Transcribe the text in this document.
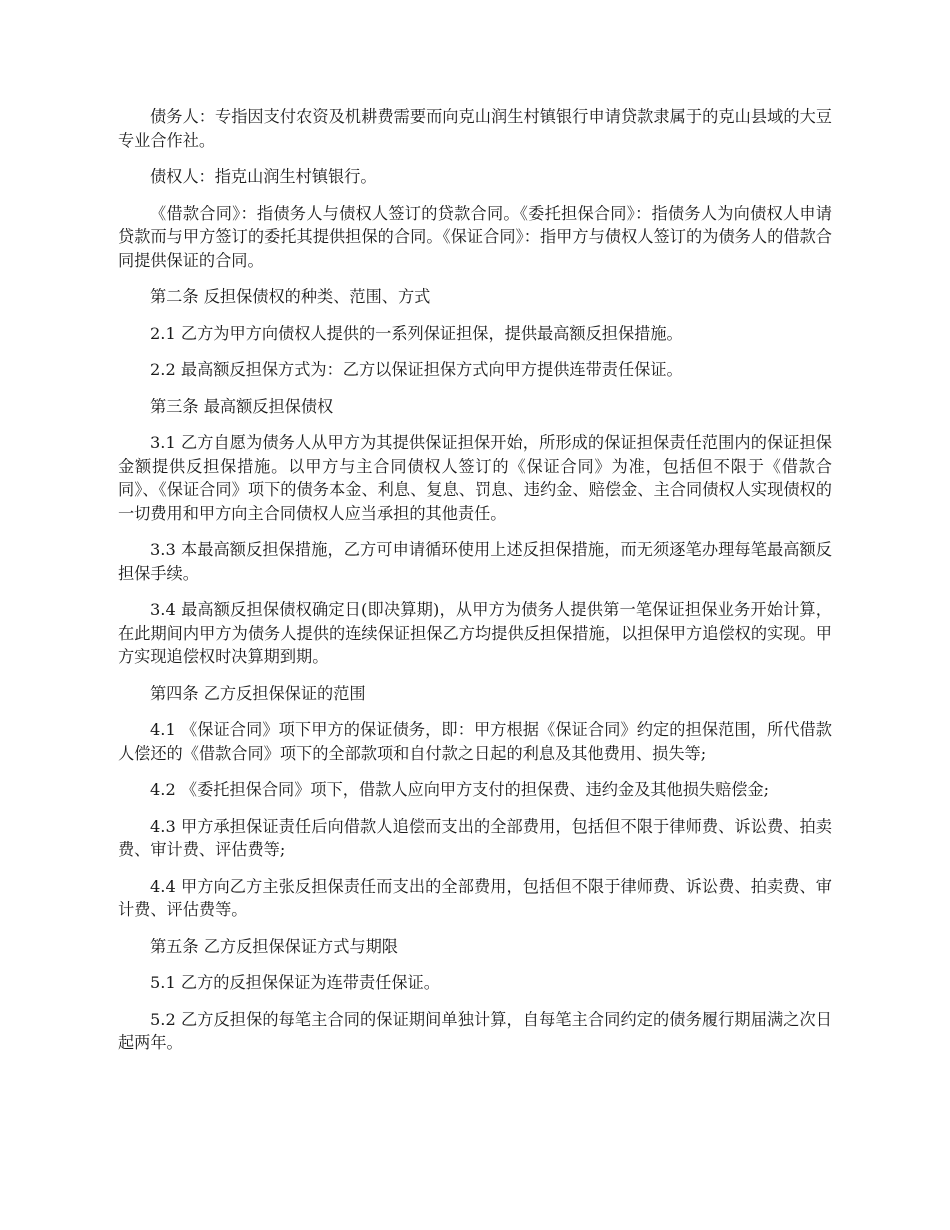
债务人：专指因支付农资及机耕费需要而向克山润生村镇银行申请贷款隶属于的克山县域的大豆专业合作社。

债权人：指克山润生村镇银行。

《借款合同》：指债务人与债权人签订的贷款合同。《委托担保合同》：指债务人为向债权人申请贷款而与甲方签订的委托其提供担保的合同。《保证合同》：指甲方与债权人签订的为债务人的借款合同提供保证的合同。

第二条 反担保债权的种类、范围、方式

2.1 乙方为甲方向债权人提供的一系列保证担保，提供最高额反担保措施。

2.2 最高额反担保方式为：乙方以保证担保方式向甲方提供连带责任保证。

第三条 最高额反担保债权

3.1 乙方自愿为债务人从甲方为其提供保证担保开始，所形成的保证担保责任范围内的保证担保金额提供反担保措施。以甲方与主合同债权人签订的《保证合同》为准，包括但不限于《借款合同》、《保证合同》项下的债务本金、利息、复息、罚息、违约金、赔偿金、主合同债权人实现债权的一切费用和甲方向主合同债权人应当承担的其他责任。

3.3 本最高额反担保措施，乙方可申请循环使用上述反担保措施，而无须逐笔办理每笔最高额反担保手续。

3.4 最高额反担保债权确定日(即决算期)，从甲方为债务人提供第一笔保证担保业务开始计算，在此期间内甲方为债务人提供的连续保证担保乙方均提供反担保措施，以担保甲方追偿权的实现。甲方实现追偿权时决算期到期。

第四条 乙方反担保保证的范围

4.1 《保证合同》项下甲方的保证债务，即：甲方根据《保证合同》约定的担保范围，所代借款人偿还的《借款合同》项下的全部款项和自付款之日起的利息及其他费用、损失等;

4.2 《委托担保合同》项下，借款人应向甲方支付的担保费、违约金及其他损失赔偿金;

4.3 甲方承担保证责任后向借款人追偿而支出的全部费用，包括但不限于律师费、诉讼费、拍卖费、审计费、评估费等;

4.4 甲方向乙方主张反担保责任而支出的全部费用，包括但不限于律师费、诉讼费、拍卖费、审计费、评估费等。

第五条 乙方反担保保证方式与期限

5.1 乙方的反担保保证为连带责任保证。

5.2 乙方反担保的每笔主合同的保证期间单独计算，自每笔主合同约定的债务履行期届满之次日起两年。
